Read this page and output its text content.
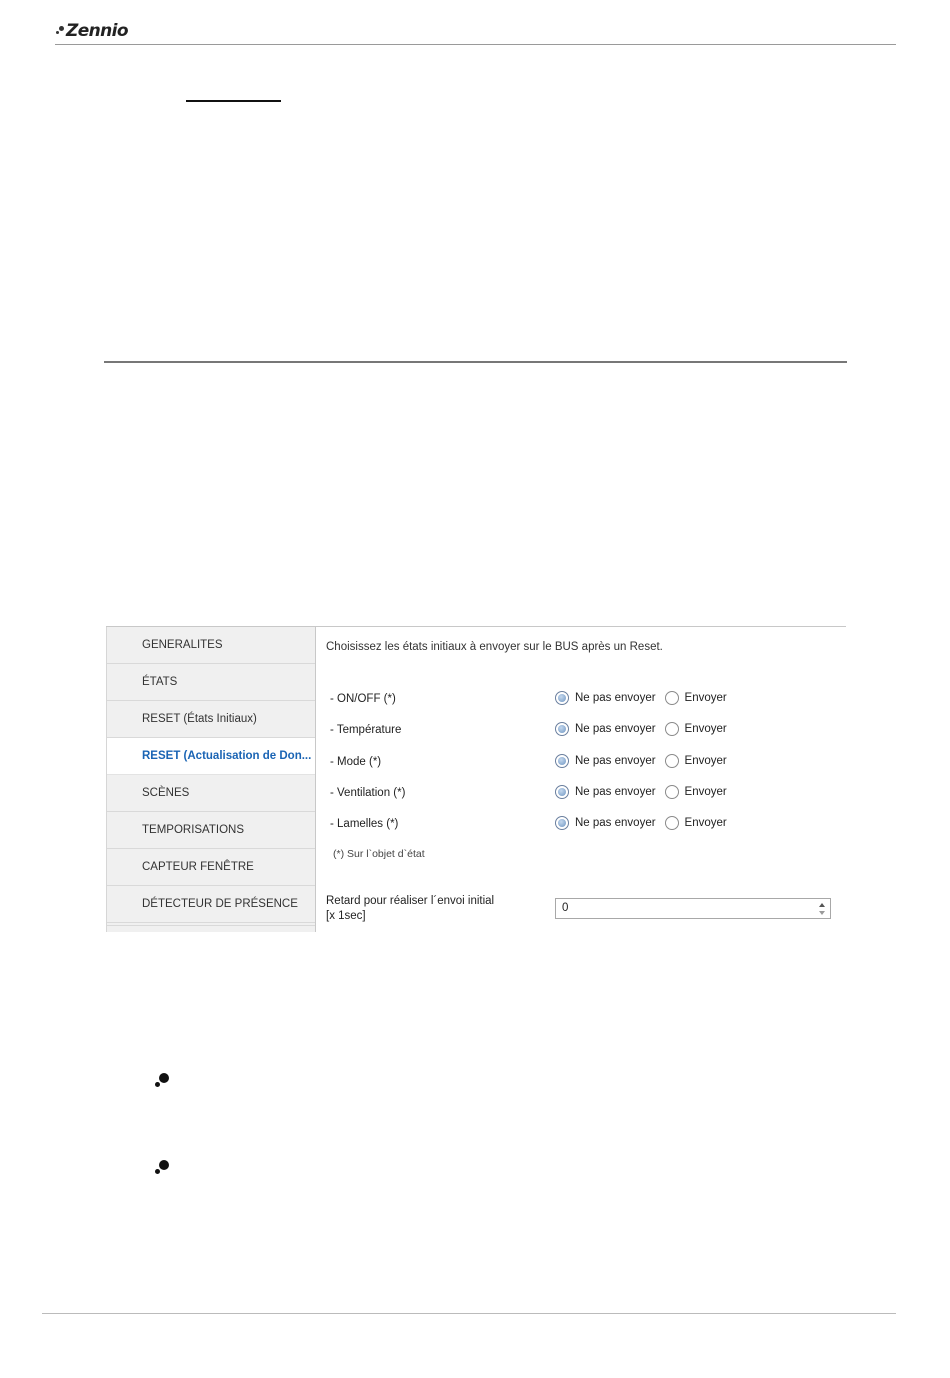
Zennio
GENERALITES
ÉTATS
RESET (États Initiaux)
RESET (Actualisation de Don...
SCÈNES
TEMPORISATIONS
CAPTEUR FENÊTRE
DÉTECTEUR DE PRÉSENCE
Choisissez les états initiaux à envoyer sur le BUS après un Reset.
- ON/OFF (*)	Ne pas envoyer	Envoyer
- Température	Ne pas envoyer	Envoyer
- Mode (*)	Ne pas envoyer	Envoyer
- Ventilation (*)	Ne pas envoyer	Envoyer
- Lamelles (*)	Ne pas envoyer	Envoyer
(*) Sur l`objet d`état
Retard pour réaliser l´envoi initial
[x 1sec]
0
